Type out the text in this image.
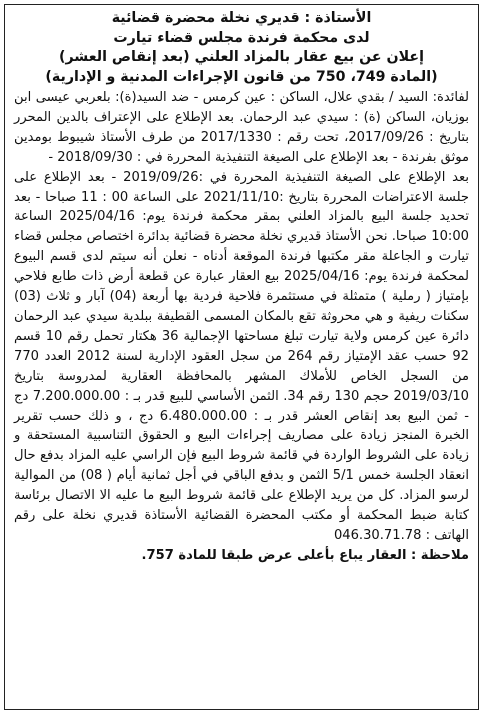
الأستاذة : قديري نخلة محضرة قضائية
لدى محكمة فرندة مجلس قضاء تيارت
إعلان عن بيع عقار بالمزاد العلني (بعد إنقاص العشر)
(المادة 749، 750 من قانون الإجراءات المدنية و الإدارية)

لفائدة: السيد / بقدي علال، الساكن : عين كرمس - ضد السيد(ة): بلعربي عيسى ابن بوزيان، الساكن (ة) : سيدي عبد الرحمان. بعد الإطلاع على الإعتراف بالدين المحرر بتاريخ : 2017/09/26، تحت رقم : 2017/1330 من طرف الأستاذ شيبوط بومدين موثق بفرندة - بعد الإطلاع على الصيغة التنفيذية المحررة في : 2018/09/30 -

بعد الإطلاع على الصيغة التنفيذية المحررة في :2019/09/26 - بعد الإطلاع على جلسة الاعتراضات المحررة بتاريخ :2021/11/10 على الساعة 00 : 11 صباحا - بعد تحديد جلسة البيع بالمزاد العلني بمقر محكمة فرندة يوم: 2025/04/16 الساعة 10:00 صباحا. نحن الأستاذ قديري نخلة محضرة قضائية بدائرة اختصاص مجلس قضاء تيارت و الجاعلة مقر مكتبها فرندة الموقعة أدناه - نعلن أنه سيتم لدى قسم البيوع لمحكمة فرندة يوم: 2025/04/16 بيع العقار عبارة عن قطعة أرض ذات طابع فلاحي بإمتياز ( رملية ) متمثلة في مستثمرة فلاحية فردية بها أربعة (04) آبار و ثلاث (03) سكنات ريفية و هي محروثة تقع بالمكان المسمى القطيفة ببلدية سيدي عبد الرحمان دائرة عين كرمس ولاية تيارت تبلغ مساحتها الإجمالية 36 هكتار تحمل رقم 10 قسم 92 حسب عقد الإمتياز رقم 264 من سجل العقود الإدارية لسنة 2012 العدد 770 من السجل الخاص للأملاك المشهر بالمحافظة العقارية لمدروسة بتاريخ 2019/03/10 حجم 130 رقم 34. الثمن الأساسي للبيع قدر بـ : 7.200.000.00 دج - ثمن البيع بعد إنقاص العشر قدر بـ : 6.480.000.00 دج ، و ذلك حسب تقرير الخبرة المنجز زيادة على مصاريف إجراءات البيع و الحقوق التناسبية المستحقة و زيادة على الشروط الواردة في قائمة شروط البيع فإن الراسي عليه المزاد بدفع حال انعقاد الجلسة خمس 5/1 الثمن و بدفع الباقي في أجل ثمانية أيام ( 08) من الموالية لرسو المزاد. كل من يريد الإطلاع على قائمة شروط البيع ما عليه الا الاتصال برئاسة كتابة ضبط المحكمة أو مكتب المحضرة القضائية الأستاذة قديري نخلة على رقم الهاتف : 046.30.71.78

ملاحظة : العقار يباع بأعلى عرض طبقا للمادة 757.
